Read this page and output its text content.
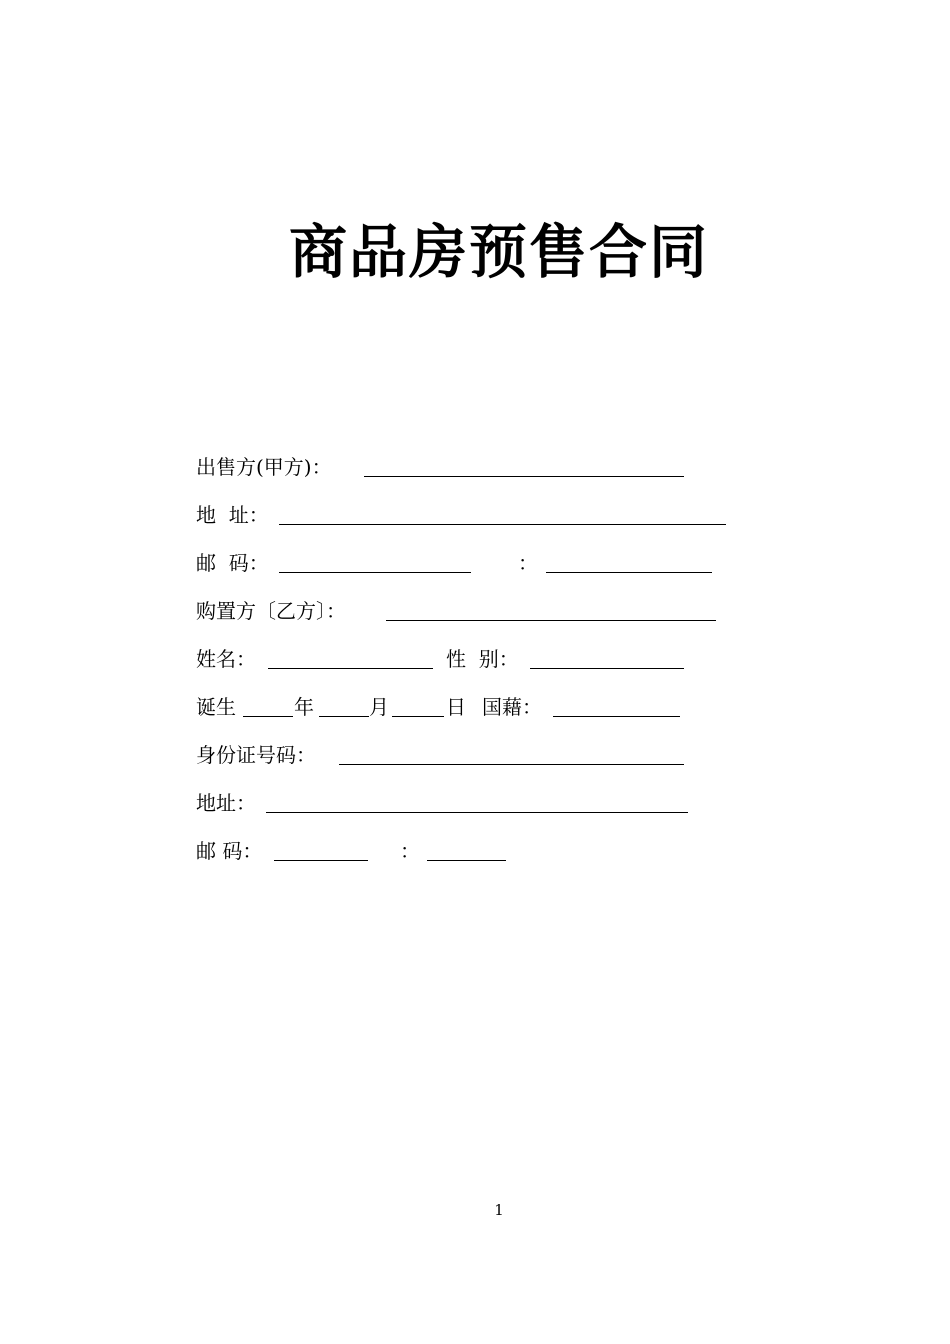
商品房预售合同
出售方(甲方)：
地  址：
邮  码：	：
购置方〔乙方〕：
姓名：	性  别：
诞生	年	月	日 国藉：
身份证号码：
地址：
邮 码：	：
1
